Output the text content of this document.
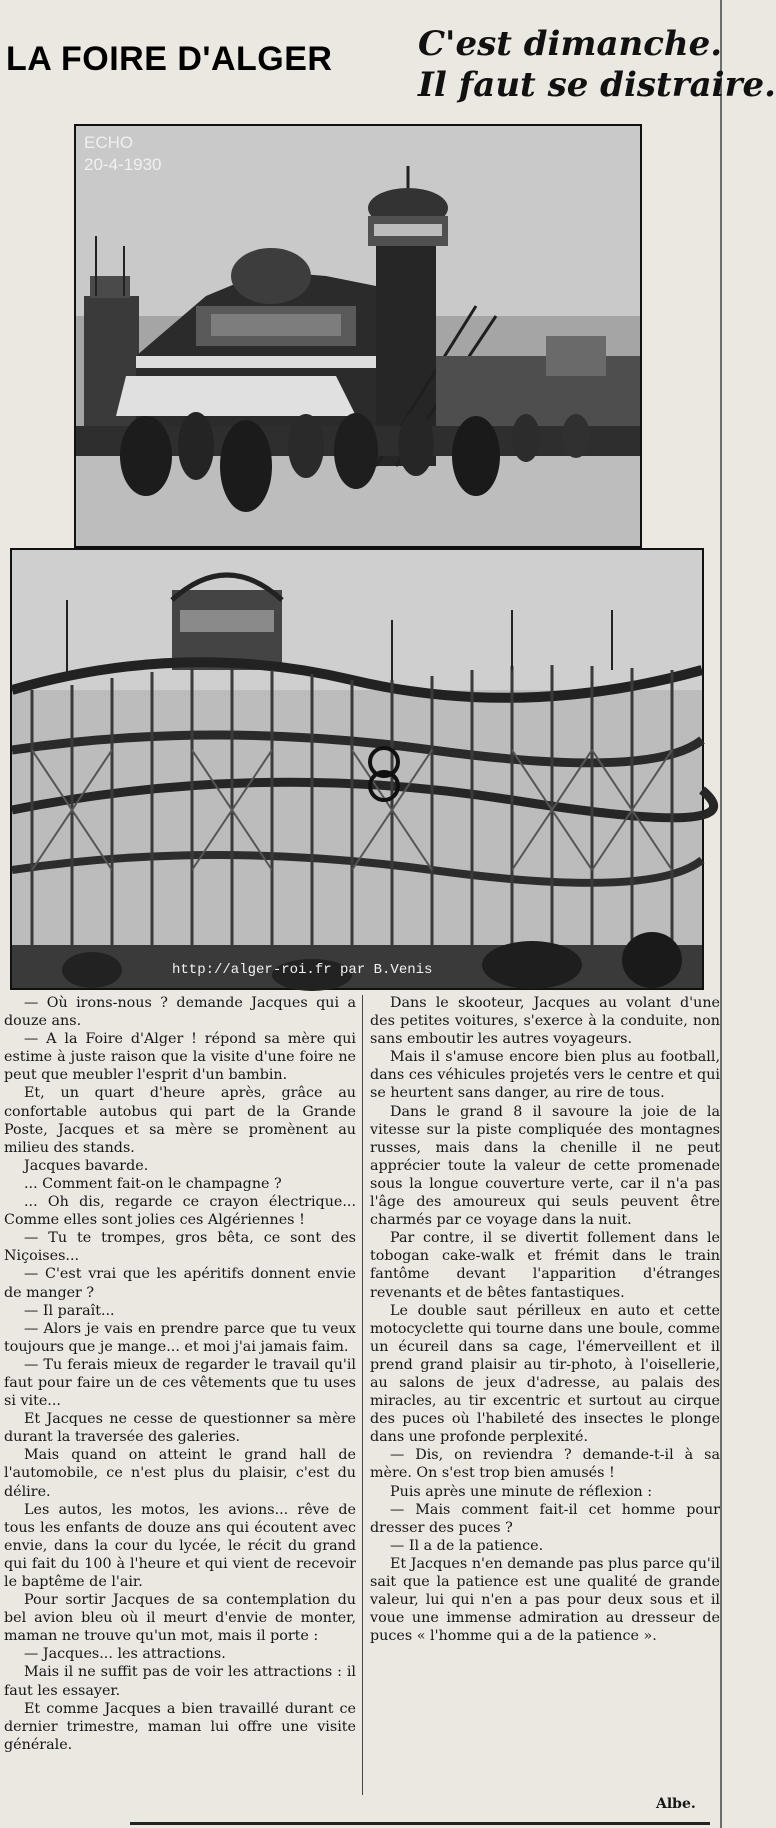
LA FOIRE D'ALGER	C'est dimanche.
Il faut se distraire.
ECHO
20-4-1930
http://alger-roi.fr par B.Venis

— Où irons-nous ? demande Jacques qui a douze ans.

— A la Foire d'Alger ! répond sa mère qui estime à juste raison que la visite d'une foire ne peut que meubler l'esprit d'un bambin.

Et, un quart d'heure après, grâce au confortable autobus qui part de la Grande Poste, Jacques et sa mère se promènent au milieu des stands.

Jacques bavarde.

... Comment fait-on le champagne ?

... Oh dis, regarde ce crayon électrique... Comme elles sont jolies ces Algériennes !

— Tu te trompes, gros bêta, ce sont des Niçoises...

— C'est vrai que les apéritifs donnent envie de manger ?

— Il paraît...

— Alors je vais en prendre parce que tu veux toujours que je mange... et moi j'ai jamais faim.

— Tu ferais mieux de regarder le travail qu'il faut pour faire un de ces vêtements que tu uses si vite...

Et Jacques ne cesse de questionner sa mère durant la traversée des galeries.

Mais quand on atteint le grand hall de l'automobile, ce n'est plus du plaisir, c'est du délire.

Les autos, les motos, les avions... rêve de tous les enfants de douze ans qui écoutent avec envie, dans la cour du lycée, le récit du grand qui fait du 100 à l'heure et qui vient de recevoir le baptême de l'air.

Pour sortir Jacques de sa contemplation du bel avion bleu où il meurt d'envie de monter, maman ne trouve qu'un mot, mais il porte :

— Jacques... les attractions.

Mais il ne suffit pas de voir les attractions : il faut les essayer.

Et comme Jacques a bien travaillé durant ce dernier trimestre, maman lui offre une visite générale.

Dans le skooteur, Jacques au volant d'une des petites voitures, s'exerce à la conduite, non sans emboutir les autres voyageurs.

Mais il s'amuse encore bien plus au football, dans ces véhicules projetés vers le centre et qui se heurtent sans danger, au rire de tous.

Dans le grand 8 il savoure la joie de la vitesse sur la piste compliquée des montagnes russes, mais dans la chenille il ne peut apprécier toute la valeur de cette promenade sous la longue couverture verte, car il n'a pas l'âge des amoureux qui seuls peuvent être charmés par ce voyage dans la nuit.

Par contre, il se divertit follement dans le tobogan cake-walk et frémit dans le train fantôme devant l'apparition d'étranges revenants et de bêtes fantastiques.

Le double saut périlleux en auto et cette motocyclette qui tourne dans une boule, comme un écureil dans sa cage, l'émerveillent et il prend grand plaisir au tir-photo, à l'oisellerie, au salons de jeux d'adresse, au palais des miracles, au tir excentric et surtout au cirque des puces où l'habileté des insectes le plonge dans une profonde perplexité.

— Dis, on reviendra ? demande-t-il à sa mère. On s'est trop bien amusés !

Puis après une minute de réflexion :

— Mais comment fait-il cet homme pour dresser des puces ?

— Il a de la patience.

Et Jacques n'en demande pas plus parce qu'il sait que la patience est une qualité de grande valeur, lui qui n'en a pas pour deux sous et il voue une immense admiration au dresseur de puces « l'homme qui a de la patience ».

Albe.
